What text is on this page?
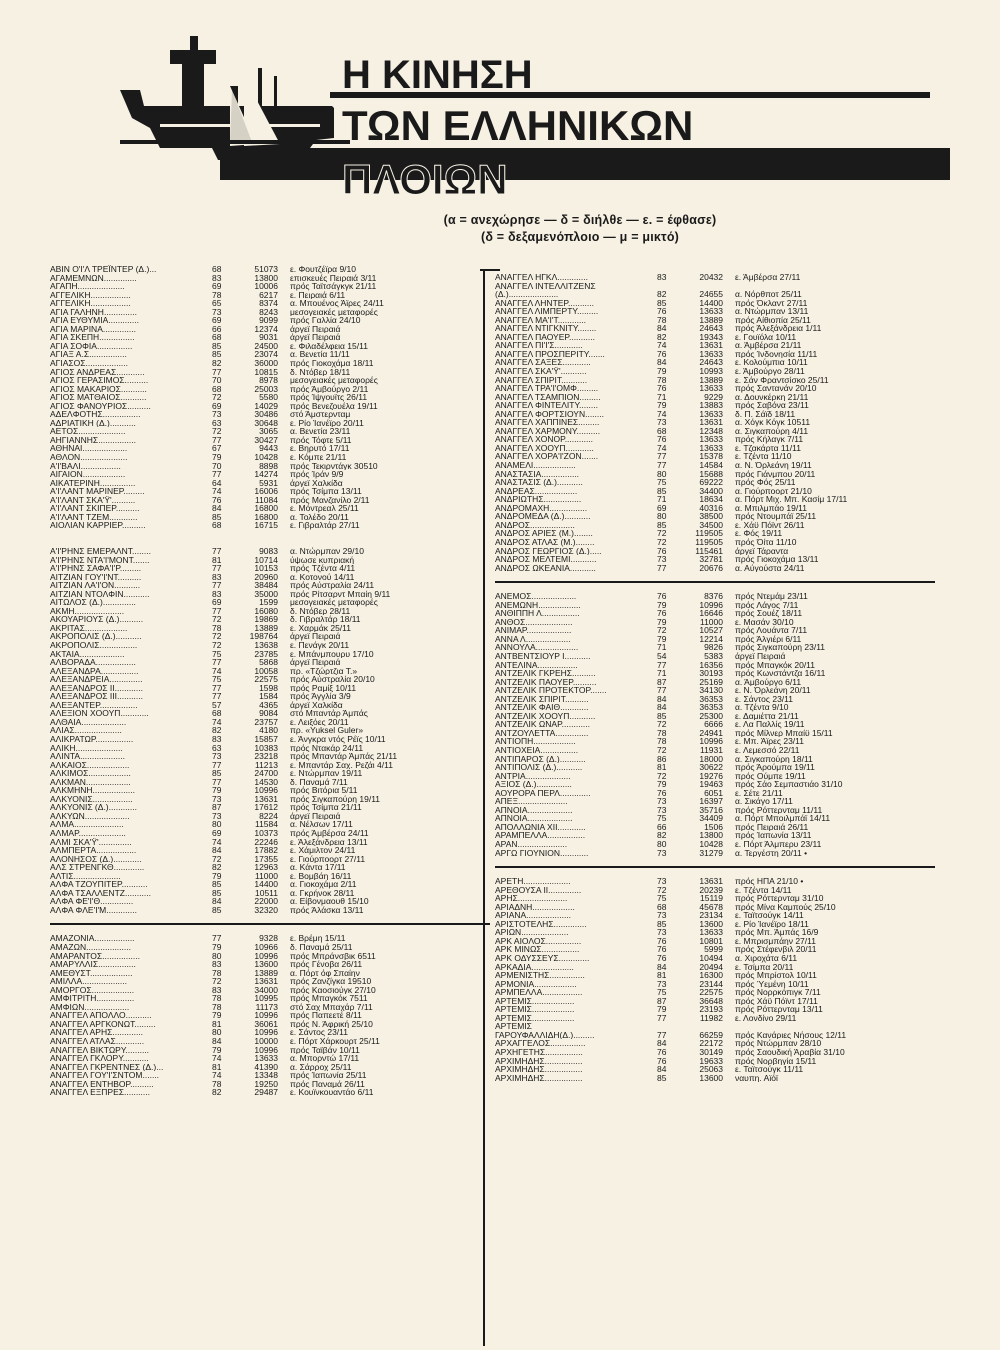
Η ΚΙΝΗΣΗ
ΤΩΝ ΕΛΛΗΝΙΚΩΝ
ΠΛΟΙΩΝ
(α = ανεχώρησε — δ = διήλθε — ε. = έφθασε)
(δ = δεξαμενόπλοιο — μ = μικτό)
ΑΒΙΝ Ο'Ι'Λ ΤΡΕΪΝΤΕΡ (Δ.)...	68	51073 ε. Φουτζέϊρα 9/10
ΑΓΑΜΕΜΝΩΝ..............	83	13800 επισκευές Πειραιά 3/11
ΑΓΑΠΗ....................	69	10006 πρός Ταϊτσάγκγκ 21/11
ΑΓΓΕΛΙΚΗ.................	78	6217 ε. Πειραιά 6/11
ΑΓΓΕΛΙΚΗ.................	65	8374 α. Μπουένος Άϊρες 24/11
ΑΓΙΑ ΓΑΛΗΝΗ..............	73	8243 μεσογειακές μεταφορές
ΑΓΙΑ ΕΥΘΥΜΙΑ.............	69	9099 πρός Γαλλία 24/10
ΑΓΙΑ ΜΑΡΙΝΑ..............	66	12374 άργεϊ Πειραιά
ΑΓΙΑ ΣΚΕΠΗ...............	68	9031 άργεϊ Πειραιά
ΑΓΙΑ ΣΟΦΙΑ...............	85	24500 ε. Φιλαδέλφεια 15/11
ΑΓΙΑΞ Α.Σ................	85	23074 α. Βενετία 11/11
ΑΓΙΑΣΟΣ..................	82	36000 πρός Γιοκοχάμα 18/11
ΑΓΙΟΣ ΑΝΔΡΕΑΣ............	77	10815 δ. Ντόβερ 18/11
ΑΓΙΟΣ ΓΕΡΑΣΙΜΟΣ..........	70	8978 μεσογειακές μεταφορές
ΑΓΙΟΣ ΜΑΚΑΡΙΟΣ...........	68	25003 πρός Άμβούργο 2/11
ΑΓΙΟΣ ΜΑΤΘΑΙΟΣ...........	72	5580 πρός Ίψγουϊτς 26/11
ΑΓΙΟΣ ΦΑΝΟΥΡΙΟΣ..........	69	14029 πρός Βενεζουέλα 19/11
ΑΔΕΛΦΟΤΗΣ................	73	30486 στό Άμστερνταμ
ΑΔΡΙΑΤΙΚΗ (Δ.)...........	63	30648 ε. Ρίο Ίανέϊρο 20/11
ΑΕΤΟΣ....................	72	3065 α. Βενετία 23/11
ΑΗΓΙΑΝΝΗΣ................	77	30427 πρός Τόφτε 5/11
ΑΘΗΝΑΙ...................	67	9443 ε. Βηρυτό 17/11
ΑΘΛΟΝ....................	79	10428 ε. Κόμπε 21/11
Α'Ι'ΒΑΛΙ.................	70	8898 πρός Τεκιρντάγκ 30510
ΑΙΓΑΙΟΝ..................	77	14274 πρός Ίράν 9/9
ΑΙΚΑΤΕΡΙΝΗ...............	64	5931 άργεϊ Χαλκίδα
Α'Ι'ΛΑΝΤ ΜΑΡΙΝΕΡ.........	74	16006 πρός Τσίμπα 13/11
Α'Ι'ΛΑΝΤ ΣΚΑ'Ϋ'..........	76	11084 πρός Μανζανίλο 2/11
Α'Ι'ΛΑΝΤ ΣΚΙΠΕΡ..........	84	16800 ε. Μόντρεαλ 25/11
Α'Ι'ΛΑΝΤ ΤΖΕΜ............	85	16800 α. Τολέδο 20/11
ΑΙΟΛΙΑΝ ΚΑΡΡΙΕΡ..........	68	16715 ε. Γιβραλτάρ 27/11
Α'Ι'ΡΗΝΣ ΕΜΕΡΑΛΝΤ........	77	9083 α. Ντώρμπαν 29/10
Α'Ι'ΡΗΝΣ ΝΤΑ'Ι'ΜΟΝΤ.......	81	10714 ύψωσε κυπριακή
Α'Ι'ΡΗΝΣ ΣΑΦΑ'Ι'Ρ.........	77	10153 πρός Τζέντα 4/11
ΑΙΤΖΙΑΝ ΓΟΥ'Ι'ΝΤ..........	83	20960 α. Κοτονού 14/11
ΑΙΤΖΙΑΝ ΛΑ'Ι'ΟΝ...........	77	38484 πρός Αύστραλία 24/11
ΑΙΤΖΙΑΝ ΝΤΟΛΦΙΝ...........	83	35000 πρός Ρίτσαρντ Μπαίη 9/11
ΑΙΤΩΛΟΣ (Δ.)..............	69	1599 μεσογειακές μεταφορές
ΑΚΜΗ.....................	77	16080 δ. Ντόβερ 28/11
ΑΚΟΥΑΡΙΟΥΣ (Δ.)..........	72	19869 δ. Γιβραλτάρ 18/11
ΑΚΡΙΤΑΣ..................	78	13889 ε. Χαρμάκ 25/11
ΑΚΡΟΠΟΛΙΣ (Δ.)...........	72	198764 άργεϊ Πειραιά
ΑΚΡΟΠΟΛΙΣ................	72	13638 ε. Πενάγκ 20/11
ΑΚΤΑΙΑ...................	75	23785 ε. Μπάνμπουρυ 17/10
ΑΛΒΟΡΑΔΑ.................	77	5868 άργεϊ Πειραιά
ΑΛΕΞΑΝΔΡΑ................	74	10058 πρ. «Τζώρτζια Τ.»
ΑΛΕΞΑΝΔΡΕΙΑ..............	75	22575 πρός Αύστραλία 20/10
ΑΛΕΞΑΝΔΡΟΣ ΙΙ............	77	1598 πρός Ραμίξ 10/11
ΑΛΕΞΑΝΔΡΟΣ ΙΙΙ...........	77	1584 πρός Άγγλία 3/9
ΑΛΕΞΑΝΤΕΡ................	57	4365 άργεϊ Χαλκίδα
ΑΛΕΞΙΟΝ ΧΟΟΥΠ............	68	9084 στό Μπαντάρ Άμπάς
ΑΛΘΑΙΑ...................	74	23757 ε. Λειξόες 20/11
ΑΛΙΑΣ....................	82	4180 πρ. «Yuksel Guler»
ΑΛΙΚΡΑΤΩΡ................	83	15857 ε. Άνγκρα ντός Ρέϊς 10/11
ΑΛΙΚΗ....................	63	10383 πρός Ντακάρ 24/11
ΑΛΙΝΤΑ...................	73	23218 πρός Μπαντάρ Άμπάς 21/11
ΑΛΚΑΙΟΣ..................	77	11213 ε. Μπαντάρ Σαχ. Ρεζάι 4/11
ΑΛΚΙΜΟΣ..................	85	24700 ε. Ντώρμπαν 19/11
ΑΛΚΜΑΝ...................	77	14530 δ. Παναμά 7/11
ΑΛΚΜΗΝΗ..................	79	10996 πρός Βιτόρια 5/11
ΑΛΚΥΟΝΙΣ.................	73	13631 πρός Σιγκαπούρη 19/11
ΑΛΚΥΟΝΙΣ (Δ.)............	87	17612 πρός Τσίμπα 21/11
ΑΛΚΥΩΝ...................	73	8224 άργεϊ Πειραιά
ΑΛΜΑ.....................	80	11584 α. Νέλσων 17/11
ΑΛΜΑΡ....................	69	10373 πρός Άμβέρσα 24/11
ΑΛΜΙ ΣΚΑ'Ϋ'..............	74	22246 ε. Άλεξάνδρεια 13/11
ΑΛΜΠΕΡΤΑ.................	84	17882 ε. Χάμιλτον 24/11
ΑΛΟΝΗΣΟΣ (Δ.)............	72	17355 ε. Γιούρποορτ 27/11
ΑΛΣ ΣΤΡΕΝΓΚΘ.............	82	12963 α. Κάντα 17/11
ΑΛΤΙΣ....................	79	11000 ε. Βομβάη 16/11
ΑΛΦΑ ΤΖΟΥΠΙΤΕΡ...........	85	14400 α. Γιοκοχάμα 2/11
ΑΛΦΑ ΤΣΑΛΛΕΝΤΖ...........	85	10511 α. Γκρήνοκ 28/11
ΑΛΦΑ ΦΕ'Ι'Θ..............	84	22000 α. Είβονμαουθ 15/10
ΑΛΦΑ ΦΛΕ'Ι'Μ.............	85	32320 πρός Άλάσκα 13/11
ΑΜΑΖΟΝΙΑ.................	77	9328 ε. Βρέμη 15/11
ΑΜΑΖΩΝ...................	79	10966 δ. Παναμά 25/11
ΑΜΑΡΑΝΤΟΣ................	80	10996 πρός Μπράνσβικ 6511
ΑΜΑΡΥΛΛΙΣ................	83	13600 πρός Γένοβα 26/11
ΑΜΕΘΥΣΤ..................	78	13889 α. Πόρτ όφ Σπαίην
ΑΜΙΛΛΑ...................	72	13631 πρός Ζανζίγκα 19510
ΑΜΟΡΓΟΣ..................	83	34000 πρός Καοσιούγκ 27/10
ΑΜΦΙΤΡΙΤΗ................	78	10995 πρός Μπαγκόκ 7511
ΑΜΦΙΩΝ...................	78	11173 στό Σαχ Μπαχάρ 7/11
ΑΝΑΓΓΕΛ ΑΠΟΛΛΟ...........	79	10996 πρός Παπεετέ 8/11
ΑΝΑΓΓΕΛ ΑΡΓΚΟΝΩΤ.........	81	36061 πρός Ν. Άφρική 25/10
ΑΝΑΓΓΕΛ ΑΡΗΣ.............	80	10996 ε. Σάντος 23/11
ΑΝΑΓΓΕΛ ΑΤΛΑΣ............	84	10000 ε. Πόρτ Χάρκουρτ 25/11
ΑΝΑΓΓΕΛ ΒΙΚΤΩΡΥ..........	79	10996 πρός Ταϊβάν 10/11
ΑΝΑΓΓΕΛ ΓΚΛΟΡΥ...........	74	13633 α. Μπορντώ 17/11
ΑΝΑΓΓΕΛ ΓΚΡΕΝΤΝΕΣ (Δ.)...	81	41390 α. Σάρροχ 25/11
ΑΝΑΓΓΕΛ ΓΟΥ'Ι'ΣΝΤΟΜ.......	74	13348 πρός Ίαπωνία 25/11
ΑΝΑΓΓΕΛ ΕΝΤΗΒΟΡ..........	78	19250 πρός Παναμά 26/11
ΑΝΑΓΓΕΛ ΕΞΠΡΕΣ...........	82	29487 ε. Κουϊνκουαντάο 6/11
ΑΝΑΓΓΕΛ ΗΓΚΛ.............	83	20432 ε. Άμβέρσα 27/11
ΑΝΑΓΓΕΛ ΙΝΤΕΛΛΙΤΖΕΝΣ
(Δ.).....................	82	24655 α. Νόρθποτ 25/11
ΑΝΑΓΓΕΛ ΛΗΝΤΕΡ...........	85	14400 πρός Όκλαντ 27/11
ΑΝΑΓΓΕΛ ΛΙΜΠΕΡΤΥ.........	76	13633 α. Ντώρμπαν 13/11
ΑΝΑΓΓΕΛ ΜΑ'Ι'Τ............	78	13889 πρός Αίθιοπία 25/11
ΑΝΑΓΓΕΛ ΝΤΙΓΚΝΙΤΥ........	84	24643 πρός Άλεξάνδρεια 1/11
ΑΝΑΓΓΕΛ ΠΑΟΥΕΡ...........	82	19343 ε. Γουϊόλα 10/11
ΑΝΑΓΓΕΛ ΠΙ'Ι'Σ............	74	13631 α. Άμβέρσα 21/11
ΑΝΑΓΓΕΛ ΠΡΟΣΠΕΡΙΤΥ.......	76	13633 πρός Ίνδονησία 11/11
ΑΝΑΓΓΕΛ ΣΑΞΕΣ............	84	24643 ε. Κολούμπια 10/11
ΑΝΑΓΓΕΛ ΣΚΑ'Ϋ'...........	79	10993 ε. Άμβούργο 28/11
ΑΝΑΓΓΕΛ ΣΠΙΡΙΤ...........	78	13889 ε. Σάν Φραντσίσκο 25/11
ΑΝΑΓΓΕΛ ΤΡΑ'Ι'ΟΜΦ.........	76	13633 πρός Σαντανάν 20/10
ΑΝΑΓΓΕΛ ΤΣΑΜΠΙΟΝ.........	71	9229 α. Δουνκέρκη 21/11
ΑΝΑΓΓΕΛ ΦΙΝΤΕΛΙΤΥ........	79	13883 πρός Σαβόνα 23/11
ΑΝΑΓΓΕΛ ΦΟΡΤΣΙΟΥΝ........	74	13633 δ. Π. Σάϊδ 18/11
ΑΝΑΓΓΕΛ ΧΑΠΠΙΝΕΣ.........	73	13631 α. Χόγκ Κόγκ 10511
ΑΝΑΓΓΕΛ ΧΑΡΜΟΝΥ..........	68	12348 α. Σιγκαπούρη 4/11
ΑΝΑΓΓΕΛ ΧΟΝΟΡ............	76	13633 πρός Κήλαγκ 7/11
ΑΝΑΓΓΕΛ ΧΟΟΥΠ............	74	13633 ε. Τζακάρτα 11/11
ΑΝΑΓΓΕΛ ΧΟΡΑ'Ι'ΖΟΝ.......	77	15378 ε. Τζέντα 11/10
ΑΝΑΜΕΛΙ..................	77	14584 α. Ν. Όρλεάνη 19/11
ΑΝΑΣΤΑΣΙΑ................	80	15688 πρός Γιάνμπου 20/11
ΑΝΑΣΤΑΣΙΣ (Δ.)...........	75	69222 πρός Φός 25/11
ΑΝΔΡΕΑΣ..................	85	34400 α. Γιούρποορτ 21/10
ΑΝΔΡΙΩΤΗΣ................	71	18634 α. Πόρτ Μιχ. Μπ. Κασίμ 17/11
ΑΝΔΡΟΜΑΧΗ................	69	40316 α. Μπιλμπάο 19/11
ΑΝΔΡΟΜΕΔΑ (Δ.)...........	80	38500 πρός Ντουμπάϊ 25/11
ΑΝΔΡΟΣ...................	85	34500 ε. Χάϋ Πόϊντ 26/11
ΑΝΔΡΟΣ ΑΡΙΕΣ (Μ.)........	72	119505 ε. Φός 19/11
ΑΝΔΡΟΣ ΑΤΛΑΣ (Μ.)........	72	119505 πρός Όίτα 11/10
ΑΝΔΡΟΣ ΓΕΩΡΓΙΟΣ (Δ.).....	76	115461 άργεϊ Τάραντα
ΑΝΔΡΟΣ ΜΕΛΤΕΜΙ...........	73	32781 πρός Γιοκοχάμα 13/11
ΑΝΔΡΟΣ ΩΚΕΑΝΙΑ...........	77	20676 α. Αύγούστα 24/11
ΑΝΕΜΟΣ...................	76	8376 πρός Ντεμάμ 23/11
ΑΝΕΜΩΝΗ..................	79	10996 πρός Λάγος 7/11
ΑΝΘΙΠΠΗ Λ................	76	16646 πρός Σουέζ 18/11
ΑΝΘΟΣ....................	79	11000 ε. Μασάν 30/10
ΑΝΙΜΑΡ...................	72	10527 πρός Λουάντα 7/11
ΑΝΝΑ Λ...................	79	12214 πρός Άλγιέρι 6/11
ΑΝΝΟΥΛΑ..................	71	9826 πρός Σιγκαπούρη 23/11
ΑΝΤΒΕΝΤΣΙΟΥΡ Ι...........	54	5383 άργεϊ Πειραιά
ΑΝΤΕΛΙΝΑ.................	77	16356 πρός Μπαγκόκ 20/11
ΑΝΤΖΕΛΙΚ ΓΚΡΕΗΣ..........	71	30193 πρός Κωνστάντζα 16/11
ΑΝΤΖΕΛΙΚ ΠΑΟΥΕΡ..........	87	25169 α. Άμβούργο 6/11
ΑΝΤΖΕΛΙΚ ΠΡΟΤΕΚΤΟΡ.......	77	34130 ε. Ν. Όρλεάνη 20/11
ΑΝΤΖΕΛΙΚ ΣΠΙΡΙΤ..........	84	36353 ε. Σάντος 23/11
ΑΝΤΖΕΛΙΚ ΦΑΙΘ............	84	36353 α. Τζέντα 9/10
ΑΝΤΖΕΛΙΚ ΧΟΟΥΠ...........	85	25300 ε. Δαμιέττα 21/11
ΑΝΤΖΕΛΙΚ ΩΝΑΡ............	72	6666 ε. Λα Παλλίς 19/11
ΑΝΤΖΟΥΛΕΤΤΑ..............	78	24941 πρός Μίλνερ Μπαίϋ 15/11
ΑΝΤΙΟΠΗ..................	78	10996 ε. Μπ. Άϊρες 23/11
ΑΝΤΙΟΧΕΙΑ................	72	11931 ε. Λεμεσσό 22/11
ΑΝΤΙΠΑΡΟΣ (Δ.)...........	86	18000 α. Σιγκαπούρη 18/11
ΑΝΤΙΠΟΛΙΣ (Δ.)...........	81	30622 πρός Άρούμπα 19/11
ΑΝΤΡΙΑ...................	72	19276 πρός Ούμπε 19/11
ΑΞΙΟΣ (Δ.)...............	79	19463 πρός Σάο Σεμπαστιάο 31/10
ΑΟΥΡΟΡΑ ΠΕΡΛ.............	76	6051 ε. Σέτε 21/11
ΑΠΕΞ.....................	73	16397 α. Σικάγο 17/11
ΑΠΝΟΙΑ...................	73	35716 πρός Ρόττερνταμ 11/11
ΑΠΝΟΙΑ...................	75	34409 α. Πόρτ Μποιλμπάϊ 14/11
ΑΠΟΛΛΩΝΙΑ ΧΙΙ............	66	1506 πρός Πειραιά 26/11
ΑΡΑΜΠΕΛΛΑ................	82	13800 πρός Ίαπωνία 13/11
ΑΡΑΝ.....................	80	10428 ε. Πόρτ Άλμπερυ 23/11
ΑΡΓΩ ΓΙΟΥΝΙΟΝ............	73	31279 α. Τεργέστη 20/11 •
ΑΡΕΤΗ....................	73	13631 πρός ΗΠΑ 21/10 •
ΑΡΕΘΟΥΣΑ ΙΙ..............	72	20239 ε. Τζέντα 14/11
ΑΡΗΣ.....................	75	15119 πρός Ρόττερνταμ 31/10
ΑΡΙΑΔΝΗ..................	68	45678 πρός Μίνα Καμπούς 25/10
ΑΡΙΑΝΑ...................	73	23134 ε. Ταϊτσούγκ 14/11
ΑΡΙΣΤΟΤΕΛΗΣ..............	85	13600 ε. Ρίο Ίανέϊρο 18/11
ΑΡΙΩΝ....................	73	13633 πρός Μπ. Άμπάς 16/9
ΑΡΚ ΑΙΟΛΟΣ...............	76	10801 ε. Μπρισμπάην 27/11
ΑΡΚ ΜΙΝΩΣ................	76	5999 πρός Στέφενβιλ 20/11
ΑΡΚ ΟΔΥΣΣΕΥΣ.............	76	10494 α. Χιροχάτα 6/11
ΑΡΚΑΔΙΑ..................	84	20494 ε. Τσίμπα 20/11
ΑΡΜΕΝΙΣΤΗΣ...............	81	16300 πρός Μπρίστολ 10/11
ΑΡΜΟΝΙΑ..................	73	23144 πρός Ύεμένη 10/11
ΑΡΜΠΕΛΛΑ.................	75	22575 πρός Νορρκόπιγκ 7/11
ΑΡΤΕΜΙΣ..................	87	36648 πρός Χάϋ Πόϊντ 17/11
ΑΡΤΕΜΙΣ..................	79	23193 πρός Ρόττερνταμ 13/11
ΑΡΤΕΜΙΣ..................	77	11982 ε. Λονδίνο 29/11
ΑΡΤΕΜΙΣ
ΓΑΡΟΥΦΑΛΛΙΔΗ(Δ.).........	77	66259 πρός Κανάριες Νήσους 12/11
ΑΡΧΑΓΓΕΛΟΣ...............	84	22172 πρός Ντώρμπαν 28/10
ΑΡΧΗΓΕΤΗΣ................	76	30149 πρός Σαουδική Άραβία 31/10
ΑΡΧΙΜΗΔΗΣ................	76	19633 πρός Νορβηγία 15/11
ΑΡΧΙΜΗΔΗΣ................	84	25063 ε. Ταϊτσούγκ 11/11
ΑΡΧΙΜΗΔΗΣ................	85	13600 ναυπη. Αϊόϊ
